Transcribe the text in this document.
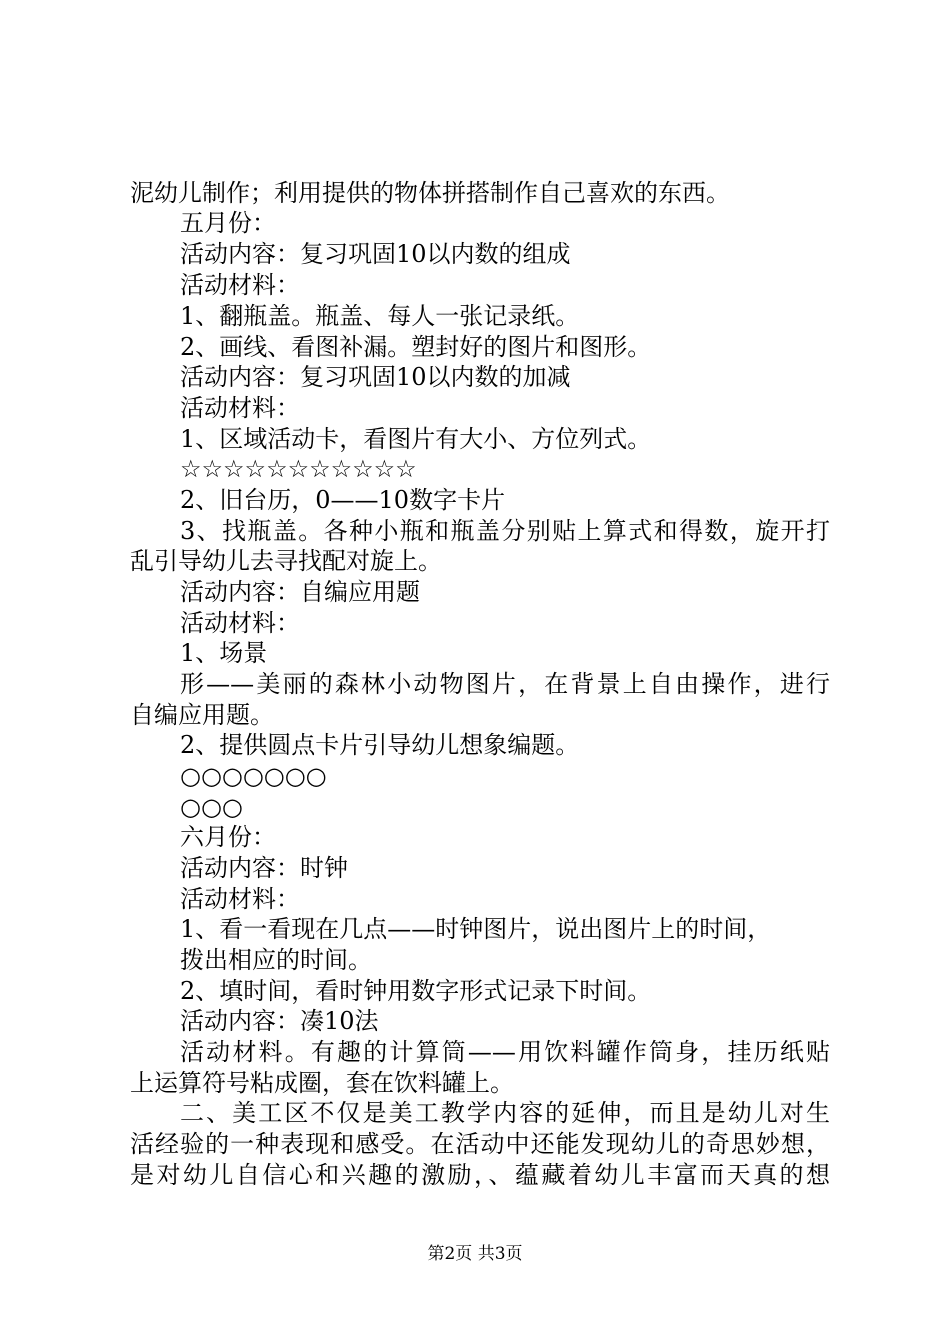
泥幼儿制作；利用提供的物体拼搭制作自己喜欢的东西。
五月份：
活动内容：复习巩固10以内数的组成
活动材料：
1、翻瓶盖。瓶盖、每人一张记录纸。
2、画线、看图补漏。塑封好的图片和图形。
活动内容：复习巩固10以内数的加减
活动材料：
1、区域活动卡，看图片有大小、方位列式。
☆☆☆☆☆☆☆☆☆☆☆
2、旧台历，0——10数字卡片
3、找瓶盖。各种小瓶和瓶盖分别贴上算式和得数，旋开打
乱引导幼儿去寻找配对旋上。
活动内容：自编应用题
活动材料：
1、场景
形——美丽的森林小动物图片，在背景上自由操作，进行
自编应用题。
2、提供圆点卡片引导幼儿想象编题。
○○○○○○○
○○○
六月份：
活动内容：时钟
活动材料：
1、看一看现在几点——时钟图片，说出图片上的时间，
拨出相应的时间。
2、填时间，看时钟用数字形式记录下时间。
活动内容：凑10法
活动材料。有趣的计算筒——用饮料罐作筒身，挂历纸贴
上运算符号粘成圈，套在饮料罐上。
二、美工区不仅是美工教学内容的延伸，而且是幼儿对生
活经验的一种表现和感受。在活动中还能发现幼儿的奇思妙想，
是对幼儿自信心和兴趣的激励，、蕴藏着幼儿丰富而天真的想
第2页 共3页
